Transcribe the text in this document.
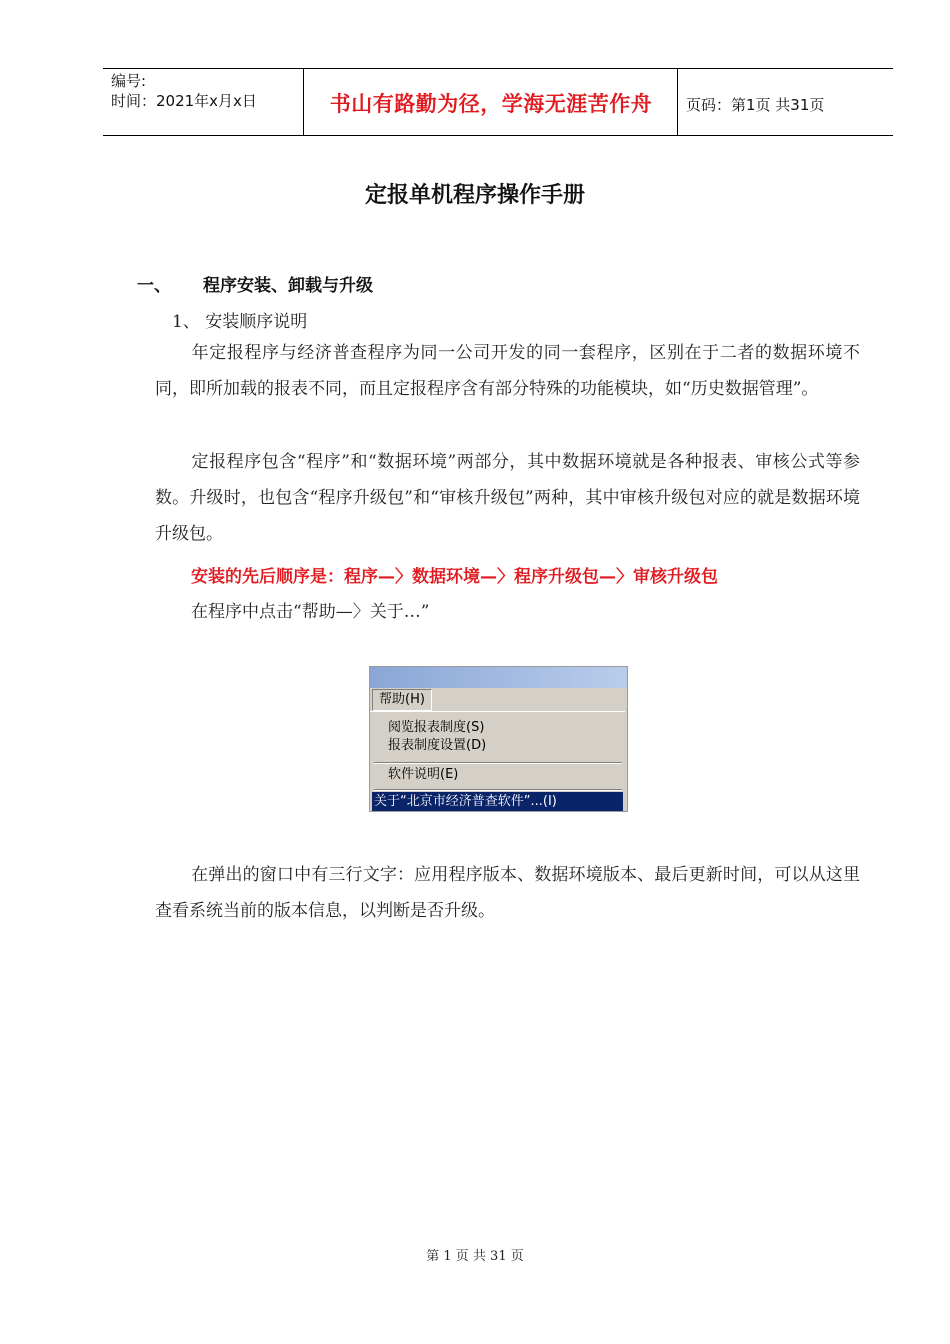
编号:
时间：2021年x月x日	书山有路勤为径，学海无涯苦作舟	页码：第1页 共31页
定报单机程序操作手册
一、 程序安装、卸载与升级
1、 安装顺序说明
年定报程序与经济普查程序为同一公司开发的同一套程序，区别在于二者的数据环境不同，即所加载的报表不同，而且定报程序含有部分特殊的功能模块，如“历史数据管理”。
定报程序包含“程序”和“数据环境”两部分，其中数据环境就是各种报表、审核公式等参数。升级时，也包含“程序升级包”和“审核升级包”两种，其中审核升级包对应的就是数据环境升级包。
安装的先后顺序是：程序—〉数据环境—〉程序升级包—〉审核升级包
在程序中点击“帮助—〉关于…”
帮助(H)
阅览报表制度(S)
报表制度设置(D)
软件说明(E)
关于“北京市经济普查软件”...(I)
在弹出的窗口中有三行文字：应用程序版本、数据环境版本、最后更新时间，可以从这里查看系统当前的版本信息，以判断是否升级。
第 1 页 共 31 页
